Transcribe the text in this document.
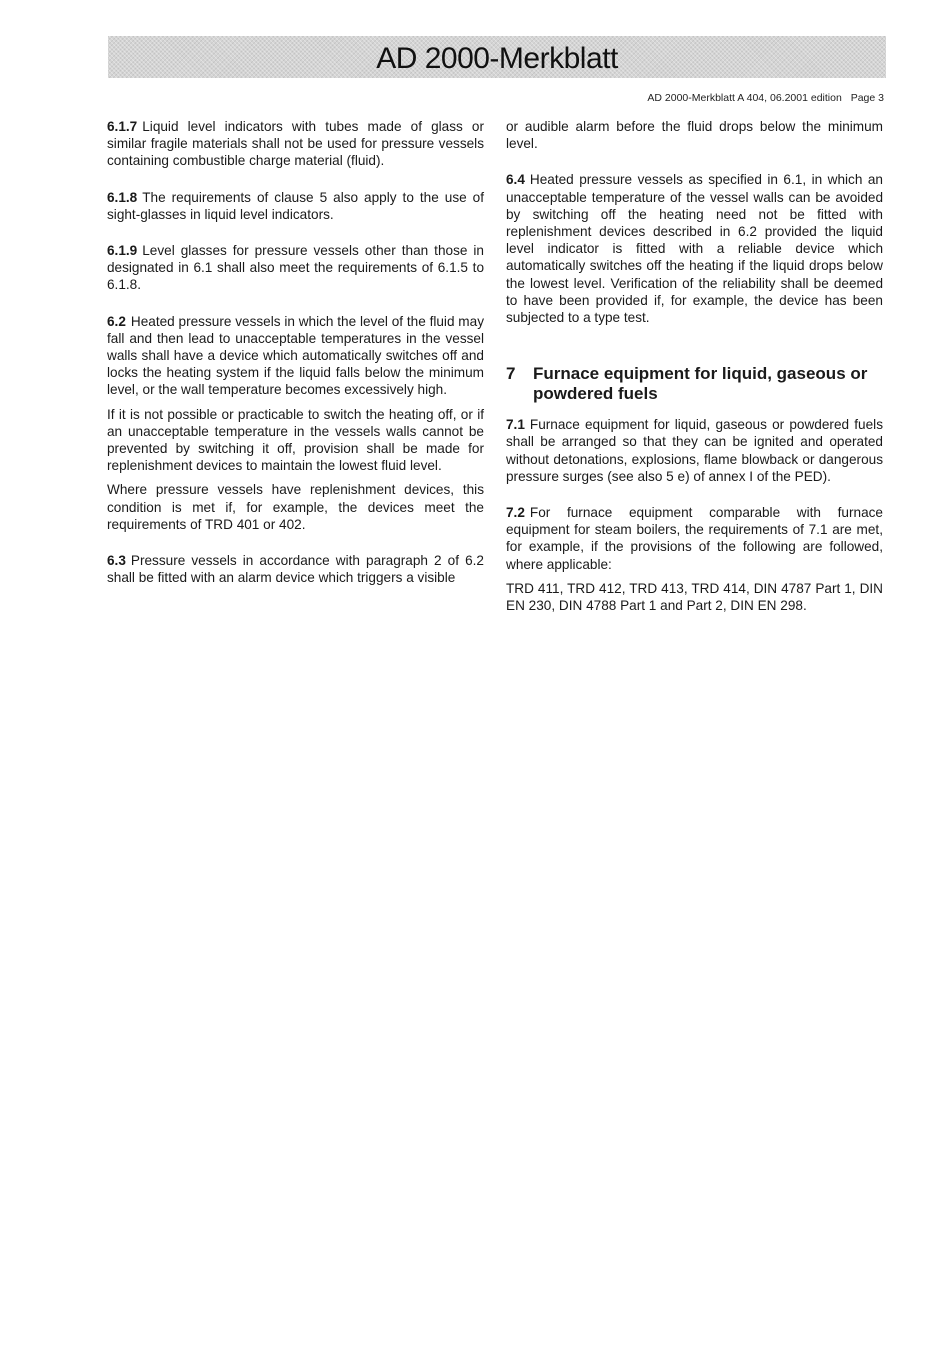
AD 2000-Merkblatt
AD 2000-Merkblatt A 404, 06.2001 edition Page 3

6.1.7 Liquid level indicators with tubes made of glass or similar fragile materials shall not be used for pressure vessels containing combustible charge material (fluid).

6.1.8 The requirements of clause 5 also apply to the use of sight-glasses in liquid level indicators.

6.1.9 Level glasses for pressure vessels other than those in designated in 6.1 shall also meet the requirements of 6.1.5 to 6.1.8.

6.2 Heated pressure vessels in which the level of the fluid may fall and then lead to unacceptable temperatures in the vessel walls shall have a device which automatically switches off and locks the heating system if the liquid falls below the minimum level, or the wall temperature becomes excessively high.

If it is not possible or practicable to switch the heating off, or if an unacceptable temperature in the vessels walls cannot be prevented by switching it off, provision shall be made for replenishment devices to maintain the lowest fluid level.

Where pressure vessels have replenishment devices, this condition is met if, for example, the devices meet the requirements of TRD 401 or 402.

6.3 Pressure vessels in accordance with paragraph 2 of 6.2 shall be fitted with an alarm device which triggers a visible

or audible alarm before the fluid drops below the minimum level.

6.4 Heated pressure vessels as specified in 6.1, in which an unacceptable temperature of the vessel walls can be avoided by switching off the heating need not be fitted with replenishment devices described in 6.2 provided the liquid level indicator is fitted with a reliable device which automatically switches off the heating if the liquid drops below the lowest level. Verification of the reliability shall be deemed to have been provided if, for example, the device has been subjected to a type test.

7	Furnace equipment for liquid, gaseous or powdered fuels

7.1 Furnace equipment for liquid, gaseous or powdered fuels shall be arranged so that they can be ignited and operated without detonations, explosions, flame blowback or dangerous pressure surges (see also 5 e) of annex I of the PED).

7.2 For furnace equipment comparable with furnace equipment for steam boilers, the requirements of 7.1 are met, for example, if the provisions of the following are followed, where applicable:

TRD 411, TRD 412, TRD 413, TRD 414, DIN 4787 Part 1, DIN EN 230, DIN 4788 Part 1 and Part 2, DIN EN 298.
